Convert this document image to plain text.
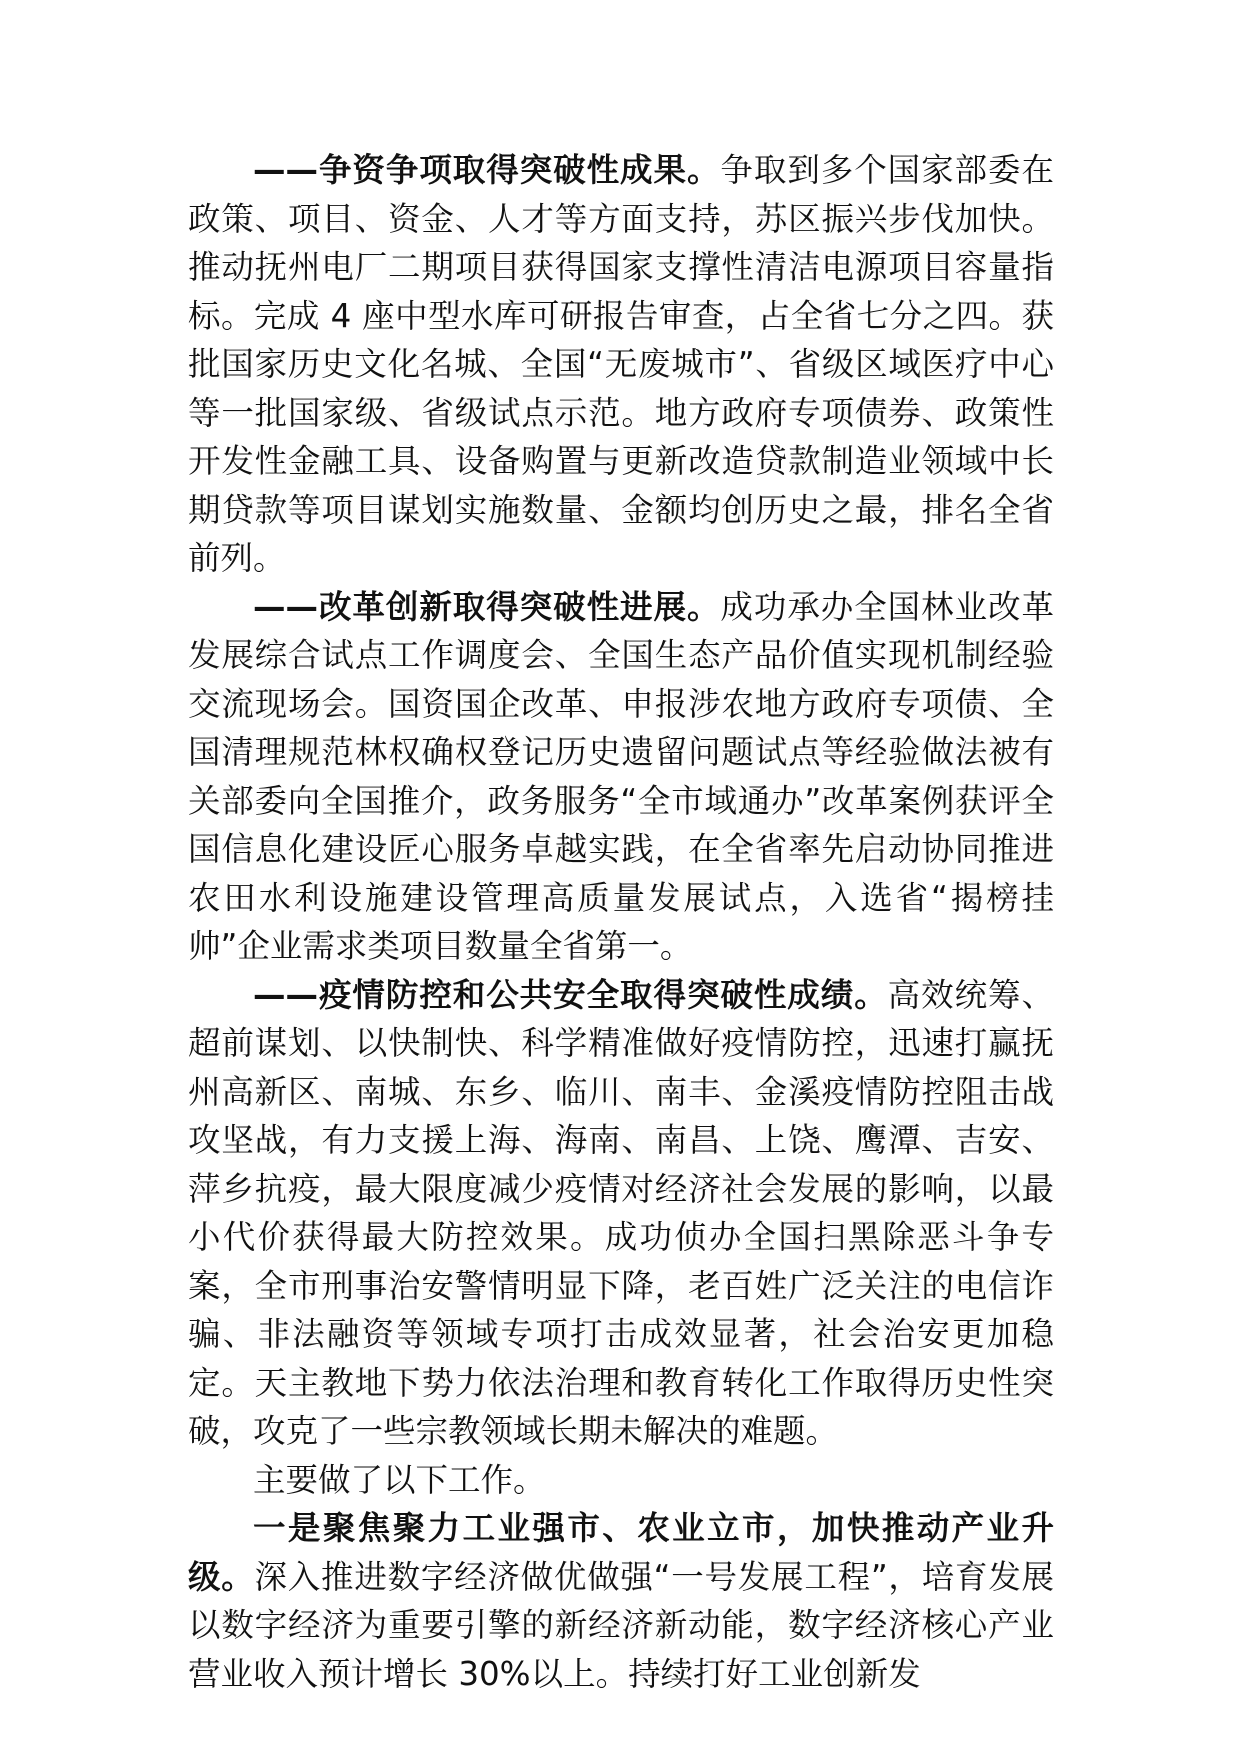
——争资争项取得突破性成果。争取到多个国家部委在政策、项目、资金、人才等方面支持，苏区振兴步伐加快。推动抚州电厂二期项目获得国家支撑性清洁电源项目容量指标。完成 4 座中型水库可研报告审查，占全省七分之四。获批国家历史文化名城、全国“无废城市”、省级区域医疗中心等一批国家级、省级试点示范。地方政府专项债券、政策性开发性金融工具、设备购置与更新改造贷款制造业领域中长期贷款等项目谋划实施数量、金额均创历史之最，排名全省前列。

——改革创新取得突破性进展。成功承办全国林业改革发展综合试点工作调度会、全国生态产品价值实现机制经验交流现场会。国资国企改革、申报涉农地方政府专项债、全国清理规范林权确权登记历史遗留问题试点等经验做法被有关部委向全国推介，政务服务“全市域通办”改革案例获评全国信息化建设匠心服务卓越实践，在全省率先启动协同推进农田水利设施建设管理高质量发展试点，入选省“揭榜挂帅”企业需求类项目数量全省第一。

——疫情防控和公共安全取得突破性成绩。高效统筹、超前谋划、以快制快、科学精准做好疫情防控，迅速打赢抚州高新区、南城、东乡、临川、南丰、金溪疫情防控阻击战攻坚战，有力支援上海、海南、南昌、上饶、鹰潭、吉安、萍乡抗疫，最大限度减少疫情对经济社会发展的影响，以最小代价获得最大防控效果。成功侦办全国扫黑除恶斗争专案，全市刑事治安警情明显下降，老百姓广泛关注的电信诈骗、非法融资等领域专项打击成效显著，社会治安更加稳定。天主教地下势力依法治理和教育转化工作取得历史性突破，攻克了一些宗教领域长期未解决的难题。

主要做了以下工作。

一是聚焦聚力工业强市、农业立市，加快推动产业升级。深入推进数字经济做优做强“一号发展工程”，培育发展以数字经济为重要引擎的新经济新动能，数字经济核心产业营业收入预计增长 30%以上。持续打好工业创新发
